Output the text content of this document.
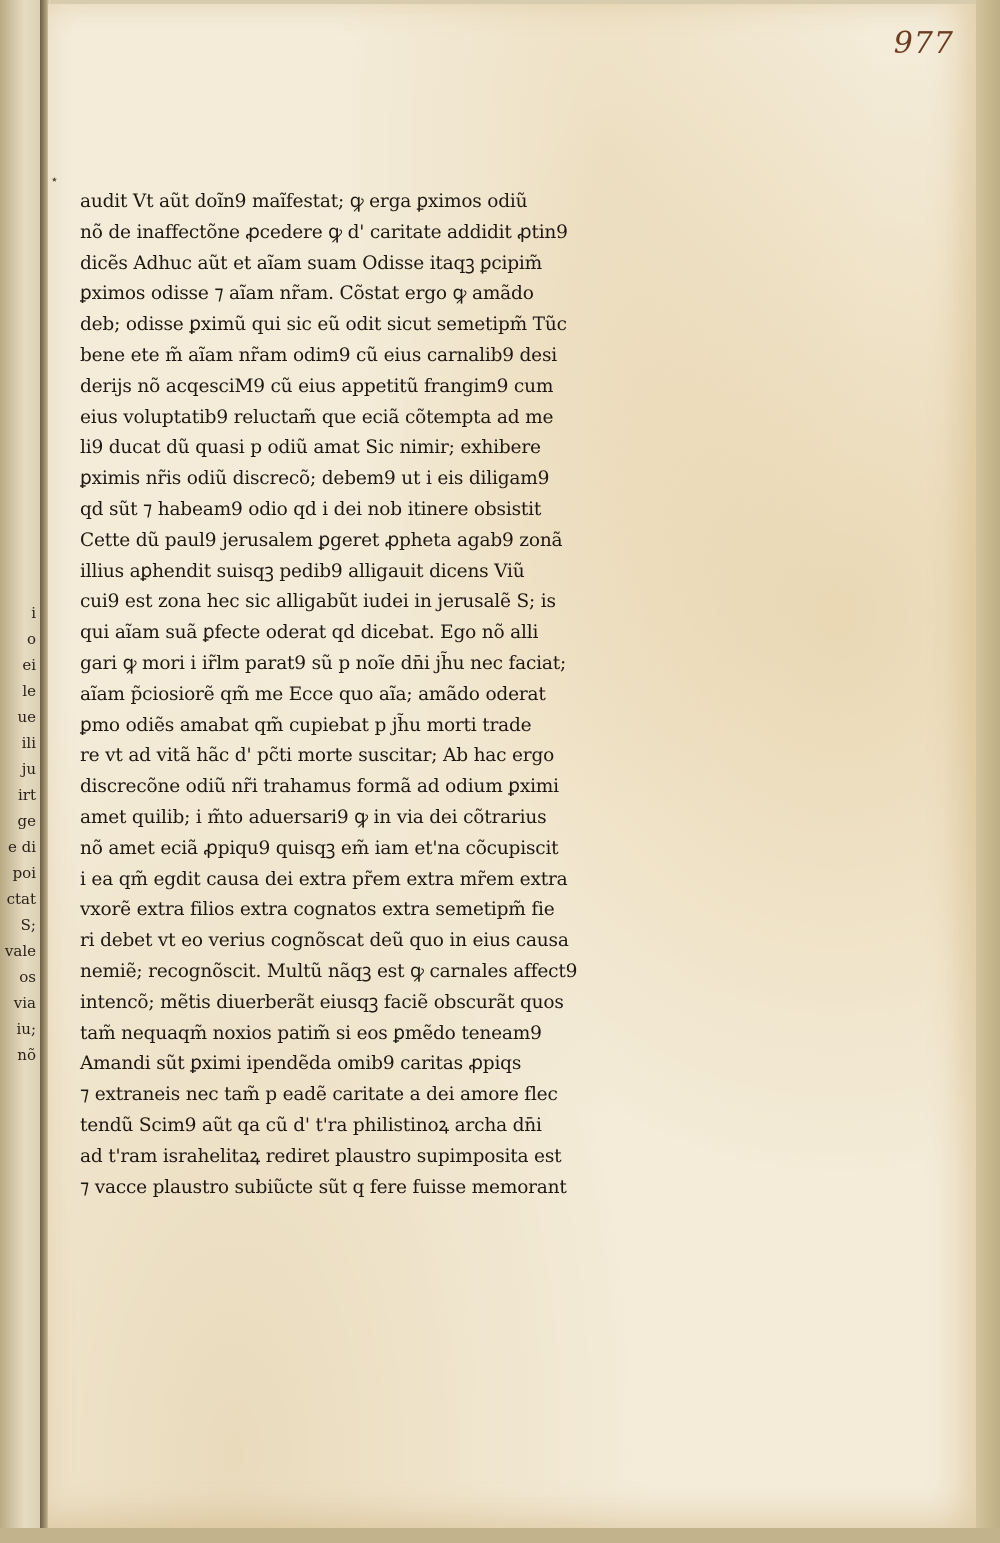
i
o
ei
le
ue
ili
ju
irt
ge
e di
poi
ctat
S;
vale
os
via
iu;
nõ
977
⋆
audit Vt aũt doĩn9 maĩfestat; ꝙ erga ꝑximos odiũ
nõ de inaffectõne ꝓcedere ꝙ d' caritate addidit ꝓtin9
dicẽs Adhuc aũt et aĩam suam Odisse itaqꝫ ꝑcipim̃
ꝑximos odisse ⁊ aĩam nr̃am. Cõstat ergo ꝙ amãdo
deb; odisse ꝑximũ qui sic eũ odit sicut semetipm̃ Tũc
bene ete m̃ aĩam nr̃am odim9 cũ eius carnalib9 desi
derijs nõ acqesciM9 cũ eius appetitũ frangim9 cum
eius voluptatib9 reluctam̃ que eciã cõtempta ad me
li9 ducat dũ quasi p odiũ amat Sic nimir; exhibere
ꝑximis nr̃is odiũ discrecõ; debem9 ut i eis diligam9
qd sũt ⁊ habeam9 odio qd i dei nob itinere obsistit
Cette dũ paul9 jerusalem ꝑgeret ꝓpheta agab9 zonã
illius aꝑhendit suisqꝫ pedib9 alligauit dicens Viũ
cui9 est zona hec sic alligabũt iudei in jerusalẽ S; is
qui aĩam suã ꝑfecte oderat qd dicebat. Ego nõ alli
gari ꝙ mori i ir̃lm parat9 sũ p noĩe dn̄i jh̃u nec faciat;
aĩam p̃ciosiorẽ qm̃ me Ecce quo aĩa; amãdo oderat
ꝑmo odiẽs amabat qm̃ cupiebat p jh̃u morti trade
re vt ad vitã hãc d' pc̃ti morte suscitar; Ab hac ergo
discrecõne odiũ nr̃i trahamus formã ad odium ꝑximi
amet quilib; i m̃to aduersari9 ꝙ in via dei cõtrarius
nõ amet eciã ꝓpiqu9 quisqꝫ em̃ iam et'na cõcupiscit
i ea qm̃ egdit causa dei extra pr̃em extra mr̃em extra
vxorẽ extra filios extra cognatos extra semetipm̃ fie
ri debet vt eo verius cognõscat deũ quo in eius causa
nemiẽ; recognõscit. Multũ nãqꝫ est ꝙ carnales affect9
intencõ; mẽtis diuerberãt eiusqꝫ faciẽ obscurãt quos
tam̃ nequaqm̃ noxios patim̃ si eos ꝑmẽdo teneam9
Amandi sũt ꝑximi ipendẽda omib9 caritas ꝓpiqs
⁊ extraneis nec tam̃ p eadẽ caritate a dei amore flec
tendũ Scim9 aũt qa cũ d' t'ra philistinoꝝ archa dn̄i
ad t'ram israhelitaꝝ rediret plaustro supimposita est
⁊ vacce plaustro subiũcte sũt q fere fuisse memorant
